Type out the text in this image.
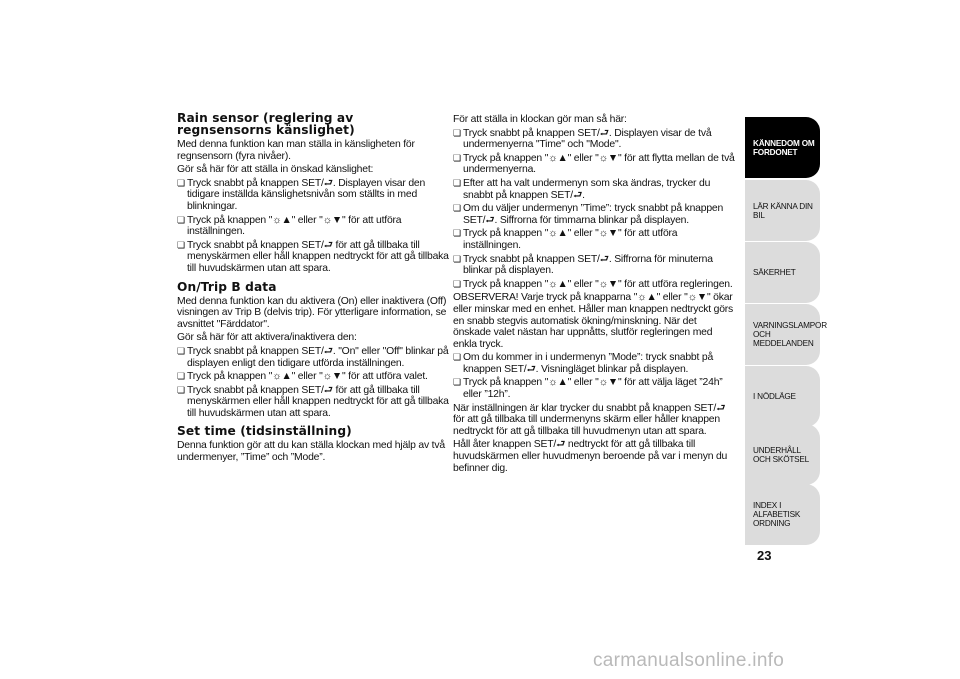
Rain sensor (reglering av regnsensorns känslighet)

Med denna funktion kan man ställa in känsligheten för regnsensorn (fyra nivåer).

Gör så här för att ställa in önskad känslighet:

❏ Tryck snabbt på knappen SET/⮐. Displayen visar den tidigare inställda känslighetsnivån som ställts in med blinkningar.
❏ Tryck på knappen "☼▲" eller "☼▼" för att utföra inställningen.
❏ Tryck snabbt på knappen SET/⮐ för att gå tillbaka till menyskärmen eller håll knappen nedtryckt för att gå tillbaka till huvudskärmen utan att spara.
On/Trip B data

Med denna funktion kan du aktivera (On) eller inaktivera (Off) visningen av Trip B (delvis trip). För ytterligare information, se avsnittet "Färddator".

Gör så här för att aktivera/inaktivera den:

❏ Tryck snabbt på knappen SET/⮐. "On" eller "Off" blinkar på displayen enligt den tidigare utförda inställningen.
❏ Tryck på knappen "☼▲" eller "☼▼" för att utföra valet.
❏ Tryck snabbt på knappen SET/⮐ för att gå tillbaka till menyskärmen eller håll knappen nedtryckt för att gå tillbaka till huvudskärmen utan att spara.
Set time (tidsinställning)

Denna funktion gör att du kan ställa klockan med hjälp av två undermenyer, ”Time” och ”Mode”.

För att ställa in klockan gör man så här:

❏ Tryck snabbt på knappen SET/⮐. Displayen visar de två undermenyerna "Time" och "Mode".
❏ Tryck på knappen "☼▲" eller "☼▼" för att flytta mellan de två undermenyerna.
❏ Efter att ha valt undermenyn som ska ändras, trycker du snabbt på knappen SET/⮐.
❏ Om du väljer undermenyn ”Time”: tryck snabbt på knappen SET/⮐. Siffrorna för timmarna blinkar på displayen.
❏ Tryck på knappen "☼▲" eller "☼▼" för att utföra inställningen.
❏ Tryck snabbt på knappen SET/⮐. Siffrorna för minuterna blinkar på displayen.
❏ Tryck på knappen "☼▲" eller "☼▼" för att utföra regleringen.

OBSERVERA! Varje tryck på knapparna "☼▲" eller "☼▼" ökar eller minskar med en enhet. Håller man knappen nedtryckt görs en snabb stegvis automatisk ökning/minskning. När det önskade valet nästan har uppnåtts, slutför regleringen med enkla tryck.

❏ Om du kommer in i undermenyn ”Mode”: tryck snabbt på knappen SET/⮐. Visningläget blinkar på displayen.
❏ Tryck på knappen "☼▲" eller "☼▼" för att välja läget ”24h” eller ”12h”.

När inställningen är klar trycker du snabbt på knappen SET/⮐ för att gå tillbaka till undermenyns skärm eller håller knappen nedtryckt för att gå tillbaka till huvudmenyn utan att spara.

Håll åter knappen SET/⮐ nedtryckt för att gå tillbaka till huvudskärmen eller huvudmenyn beroende på var i menyn du befinner dig.

KÄNNEDOM OM FORDONET
LÄR KÄNNA DIN BIL
SÄKERHET
VARNINGSLAMPOR OCH MEDDELANDEN
I NÖDLÄGE
UNDERHÅLL OCH SKÖTSEL
INDEX I ALFABETISK ORDNING
23
carmanualsonline.info
